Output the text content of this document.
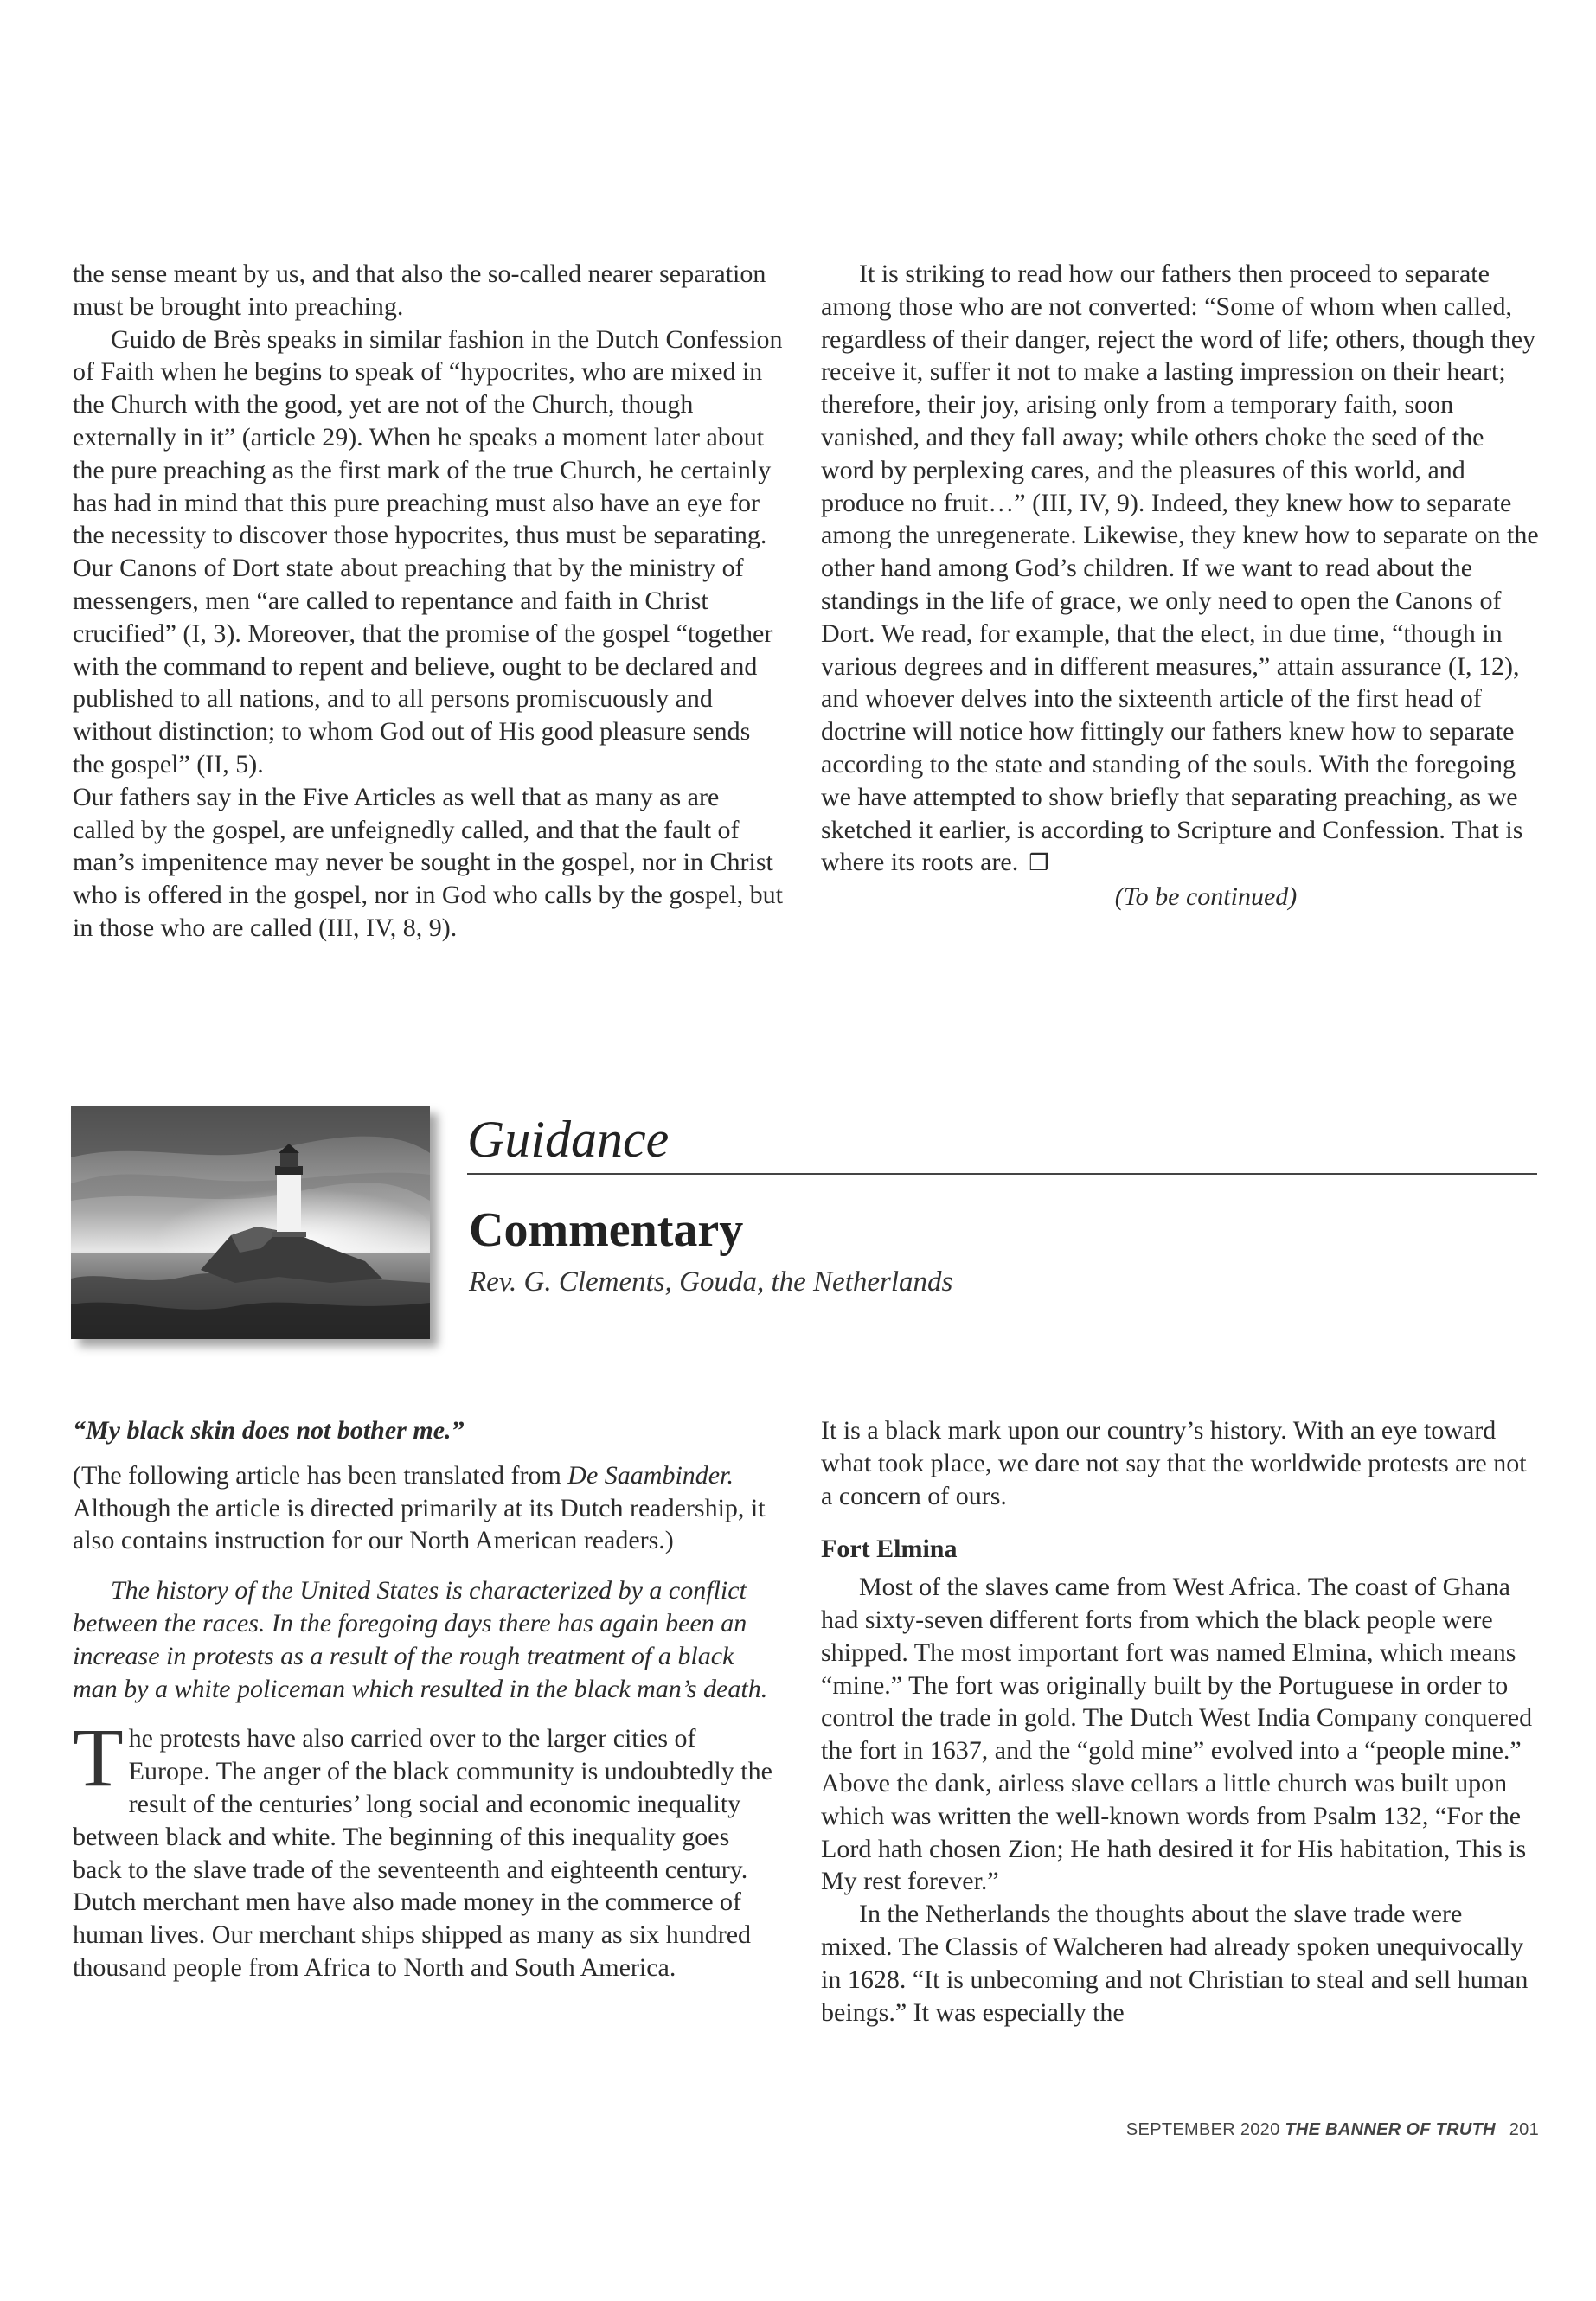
the sense meant by us, and that also the so-called nearer separation must be brought into preaching.

Guido de Brès speaks in similar fashion in the Dutch Confession of Faith when he begins to speak of “hypocrites, who are mixed in the Church with the good, yet are not of the Church, though externally in it” (article 29). When he speaks a moment later about the pure preaching as the first mark of the true Church, he certainly has had in mind that this pure preaching must also have an eye for the necessity to discover those hypocrites, thus must be separating. Our Canons of Dort state about preaching that by the ministry of messengers, men “are called to repentance and faith in Christ crucified” (I, 3). Moreover, that the promise of the gospel “together with the command to repent and believe, ought to be declared and published to all nations, and to all persons promiscuously and without distinction; to whom God out of His good pleasure sends the gospel” (II, 5).

Our fathers say in the Five Articles as well that as many as are called by the gospel, are unfeignedly called, and that the fault of man’s impenitence may never be sought in the gospel, nor in Christ who is offered in the gospel, nor in God who calls by the gospel, but in those who are called (III, IV, 8, 9).

It is striking to read how our fathers then proceed to separate among those who are not converted: “Some of whom when called, regardless of their danger, reject the word of life; others, though they receive it, suffer it not to make a lasting impression on their heart; therefore, their joy, arising only from a temporary faith, soon vanished, and they fall away; while others choke the seed of the word by perplexing cares, and the pleasures of this world, and produce no fruit…” (III, IV, 9). Indeed, they knew how to separate among the unregenerate. Likewise, they knew how to separate on the other hand among God’s children. If we want to read about the standings in the life of grace, we only need to open the Canons of Dort. We read, for example, that the elect, in due time, “though in various degrees and in different measures,” attain assurance (I, 12), and whoever delves into the sixteenth article of the first head of doctrine will notice how fittingly our fathers knew how to separate according to the state and standing of the souls. With the foregoing we have attempted to show briefly that separating preaching, as we sketched it earlier, is according to Scripture and Confession. That is where its roots are. ❒

(To be continued)

Guidance
Commentary
Rev. G. Clements, Gouda, the Netherlands

“My black skin does not bother me.”

(The following article has been translated from De Saambinder. Although the article is directed primarily at its Dutch readership, it also contains instruction for our North American readers.)

The history of the United States is characterized by a conflict between the races. In the foregoing days there has again been an increase in protests as a result of the rough treatment of a black man by a white policeman which resulted in the black man’s death.

The protests have also carried over to the larger cities of Europe. The anger of the black community is undoubtedly the result of the centuries’ long social and economic inequality between black and white. The beginning of this inequality goes back to the slave trade of the seventeenth and eighteenth century. Dutch merchant men have also made money in the commerce of human lives. Our merchant ships shipped as many as six hundred thousand people from Africa to North and South America.

It is a black mark upon our country’s history. With an eye toward what took place, we dare not say that the worldwide protests are not a concern of ours.

Fort Elmina

Most of the slaves came from West Africa. The coast of Ghana had sixty-seven different forts from which the black people were shipped. The most important fort was named Elmina, which means “mine.” The fort was originally built by the Portuguese in order to control the trade in gold. The Dutch West India Company conquered the fort in 1637, and the “gold mine” evolved into a “people mine.” Above the dank, airless slave cellars a little church was built upon which was written the well-known words from Psalm 132, “For the Lord hath chosen Zion; He hath desired it for His habitation, This is My rest forever.”

In the Netherlands the thoughts about the slave trade were mixed. The Classis of Walcheren had already spoken unequivocally in 1628. “It is unbecoming and not Christian to steal and sell human beings.” It was especially the

SEPTEMBER 2020 THE BANNER OF TRUTH 201
